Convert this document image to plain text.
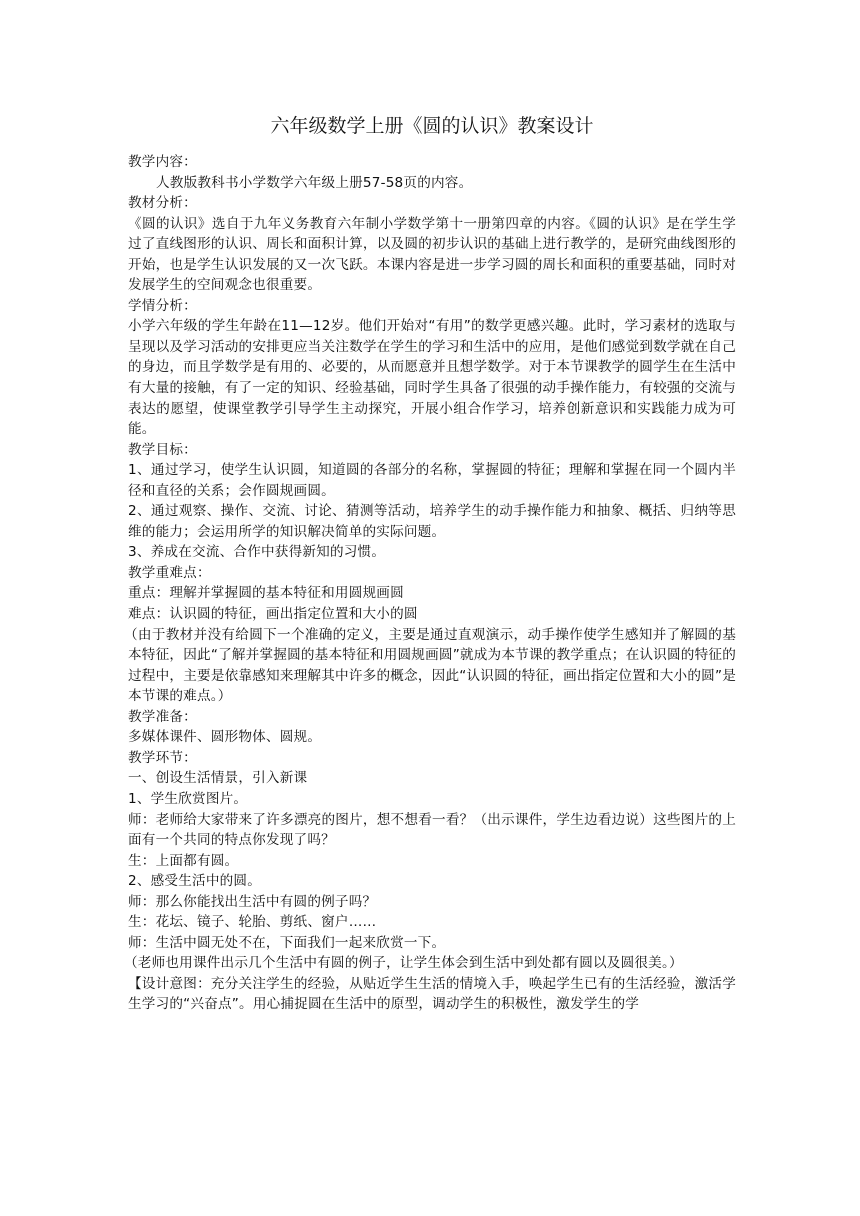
六年级数学上册《圆的认识》教案设计

教学内容：

人教版教科书小学数学六年级上册57-58页的内容。

教材分析：

《圆的认识》选自于九年义务教育六年制小学数学第十一册第四章的内容。《圆的认识》是在学生学过了直线图形的认识、周长和面积计算，以及圆的初步认识的基础上进行教学的，是研究曲线图形的开始，也是学生认识发展的又一次飞跃。本课内容是进一步学习圆的周长和面积的重要基础，同时对发展学生的空间观念也很重要。

学情分析：

小学六年级的学生年龄在11—12岁。他们开始对“有用”的数学更感兴趣。此时，学习素材的选取与呈现以及学习活动的安排更应当关注数学在学生的学习和生活中的应用，是他们感觉到数学就在自己的身边，而且学数学是有用的、必要的，从而愿意并且想学数学。对于本节课教学的圆学生在生活中有大量的接触，有了一定的知识、经验基础，同时学生具备了很强的动手操作能力，有较强的交流与表达的愿望，使课堂教学引导学生主动探究，开展小组合作学习，培养创新意识和实践能力成为可能。

教学目标：

1、通过学习，使学生认识圆，知道圆的各部分的名称，掌握圆的特征；理解和掌握在同一个圆内半径和直径的关系；会作圆规画圆。

2、通过观察、操作、交流、讨论、猜测等活动，培养学生的动手操作能力和抽象、概括、归纳等思维的能力；会运用所学的知识解决简单的实际问题。

3、养成在交流、合作中获得新知的习惯。

教学重难点：

重点：理解并掌握圆的基本特征和用圆规画圆

难点：认识圆的特征，画出指定位置和大小的圆

（由于教材并没有给圆下一个准确的定义，主要是通过直观演示，动手操作使学生感知并了解圆的基本特征，因此“了解并掌握圆的基本特征和用圆规画圆”就成为本节课的教学重点；在认识圆的特征的过程中，主要是依靠感知来理解其中许多的概念，因此“认识圆的特征，画出指定位置和大小的圆”是本节课的难点。）

教学准备：

多媒体课件、圆形物体、圆规。

教学环节：

一、创设生活情景，引入新课

1、学生欣赏图片。

师：老师给大家带来了许多漂亮的图片，想不想看一看？（出示课件，学生边看边说）这些图片的上面有一个共同的特点你发现了吗？

生：上面都有圆。

2、感受生活中的圆。

师：那么你能找出生活中有圆的例子吗？

生：花坛、镜子、轮胎、剪纸、窗户……

师：生活中圆无处不在，下面我们一起来欣赏一下。

（老师也用课件出示几个生活中有圆的例子，让学生体会到生活中到处都有圆以及圆很美。）

【设计意图：充分关注学生的经验，从贴近学生生活的情境入手，唤起学生已有的生活经验，激活学生学习的“兴奋点”。用心捕捉圆在生活中的原型，调动学生的积极性，激发学生的学
